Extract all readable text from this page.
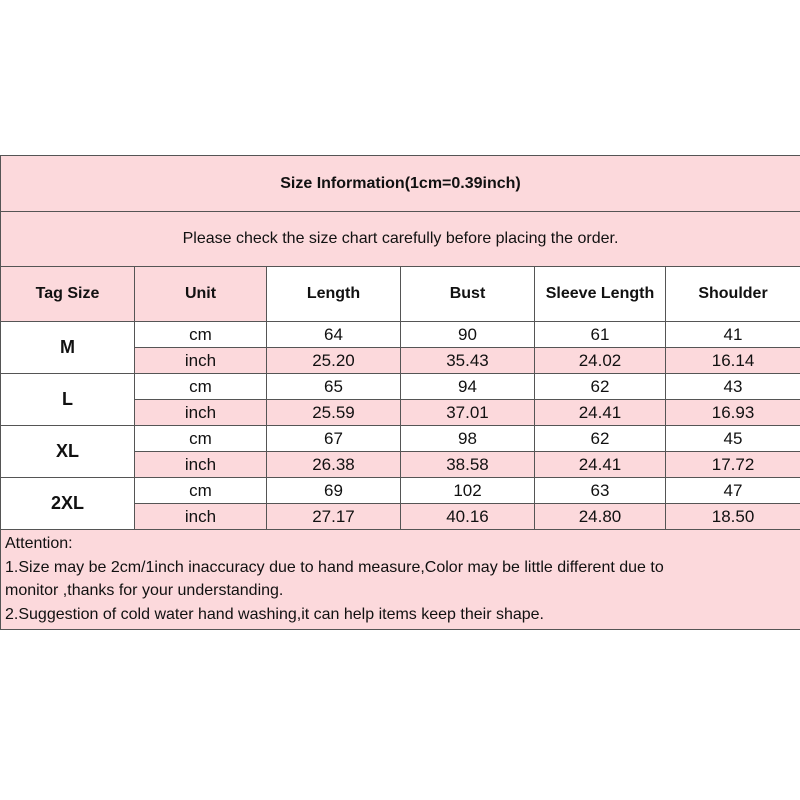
Size Information(1cm=0.39inch)					
Please check the size chart carefully before placing the order.					
Tag Size	Unit	Length	Bust	Sleeve Length	Shoulder
M	cm	64	90	61	41
	inch	25.20	35.43	24.02	16.14
L	cm	65	94	62	43
	inch	25.59	37.01	24.41	16.93
XL	cm	67	98	62	45
	inch	26.38	38.58	24.41	17.72
2XL	cm	69	102	63	47
	inch	27.17	40.16	24.80	18.50

Attention:
1.Size may be 2cm/1inch inaccuracy due to hand measure,Color may be little different due to
monitor ,thanks for your understanding.
2.Suggestion of cold water hand washing,it can help items keep their shape.					
